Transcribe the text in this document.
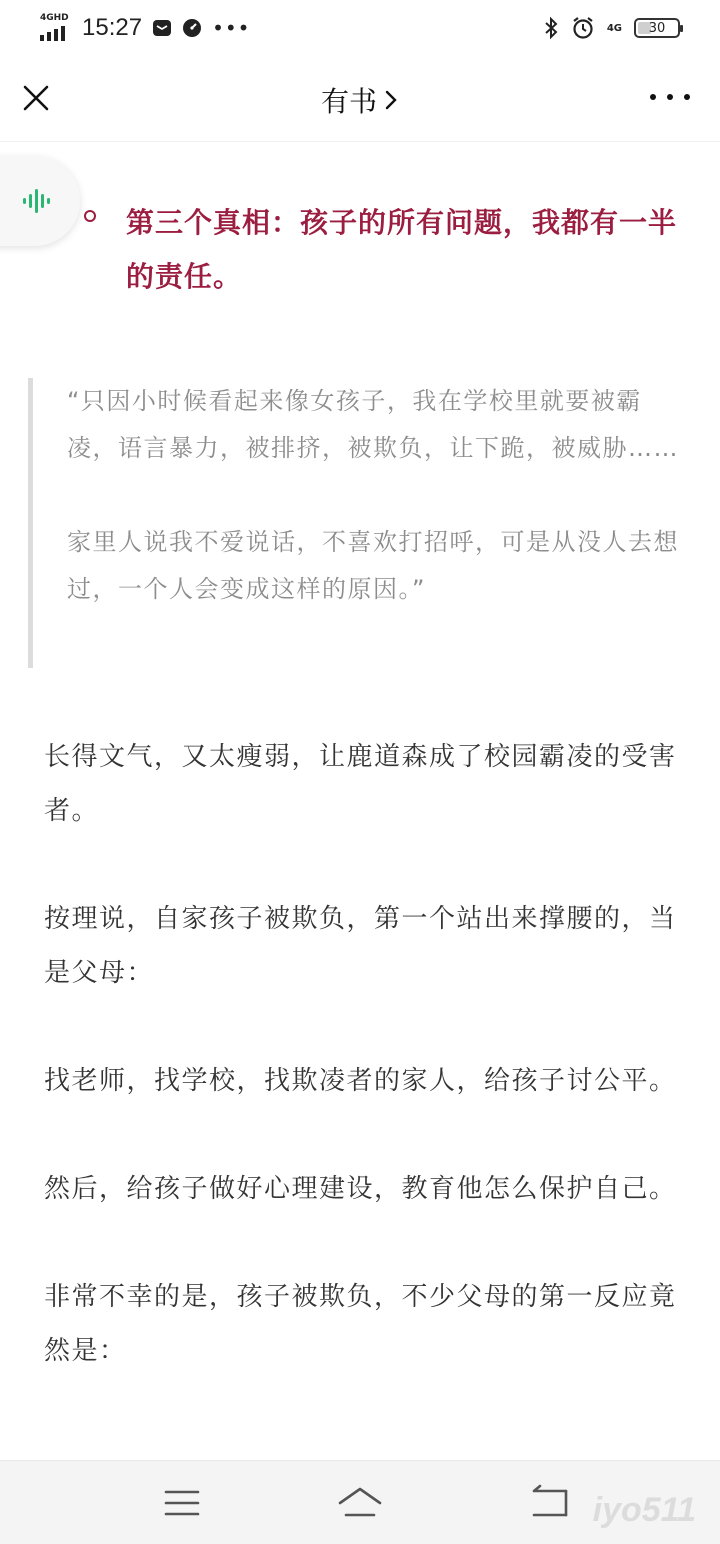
4GHD 15:27	•••	4G 30
有书
第三个真相：孩子的所有问题，我都有一半的责任。

“只因小时候看起来像女孩子，我在学校里就要被霸凌，语言暴力，被排挤，被欺负，让下跪，被威胁……

家里人说我不爱说话，不喜欢打招呼，可是从没人去想过，一个人会变成这样的原因。”

长得文气，又太瘦弱，让鹿道森成了校园霸凌的受害者。

按理说，自家孩子被欺负，第一个站出来撑腰的，当是父母：

找老师，找学校，找欺凌者的家人，给孩子讨公平。

然后，给孩子做好心理建设，教育他怎么保护自己。

非常不幸的是，孩子被欺负，不少父母的第一反应竟然是：

iyo511
